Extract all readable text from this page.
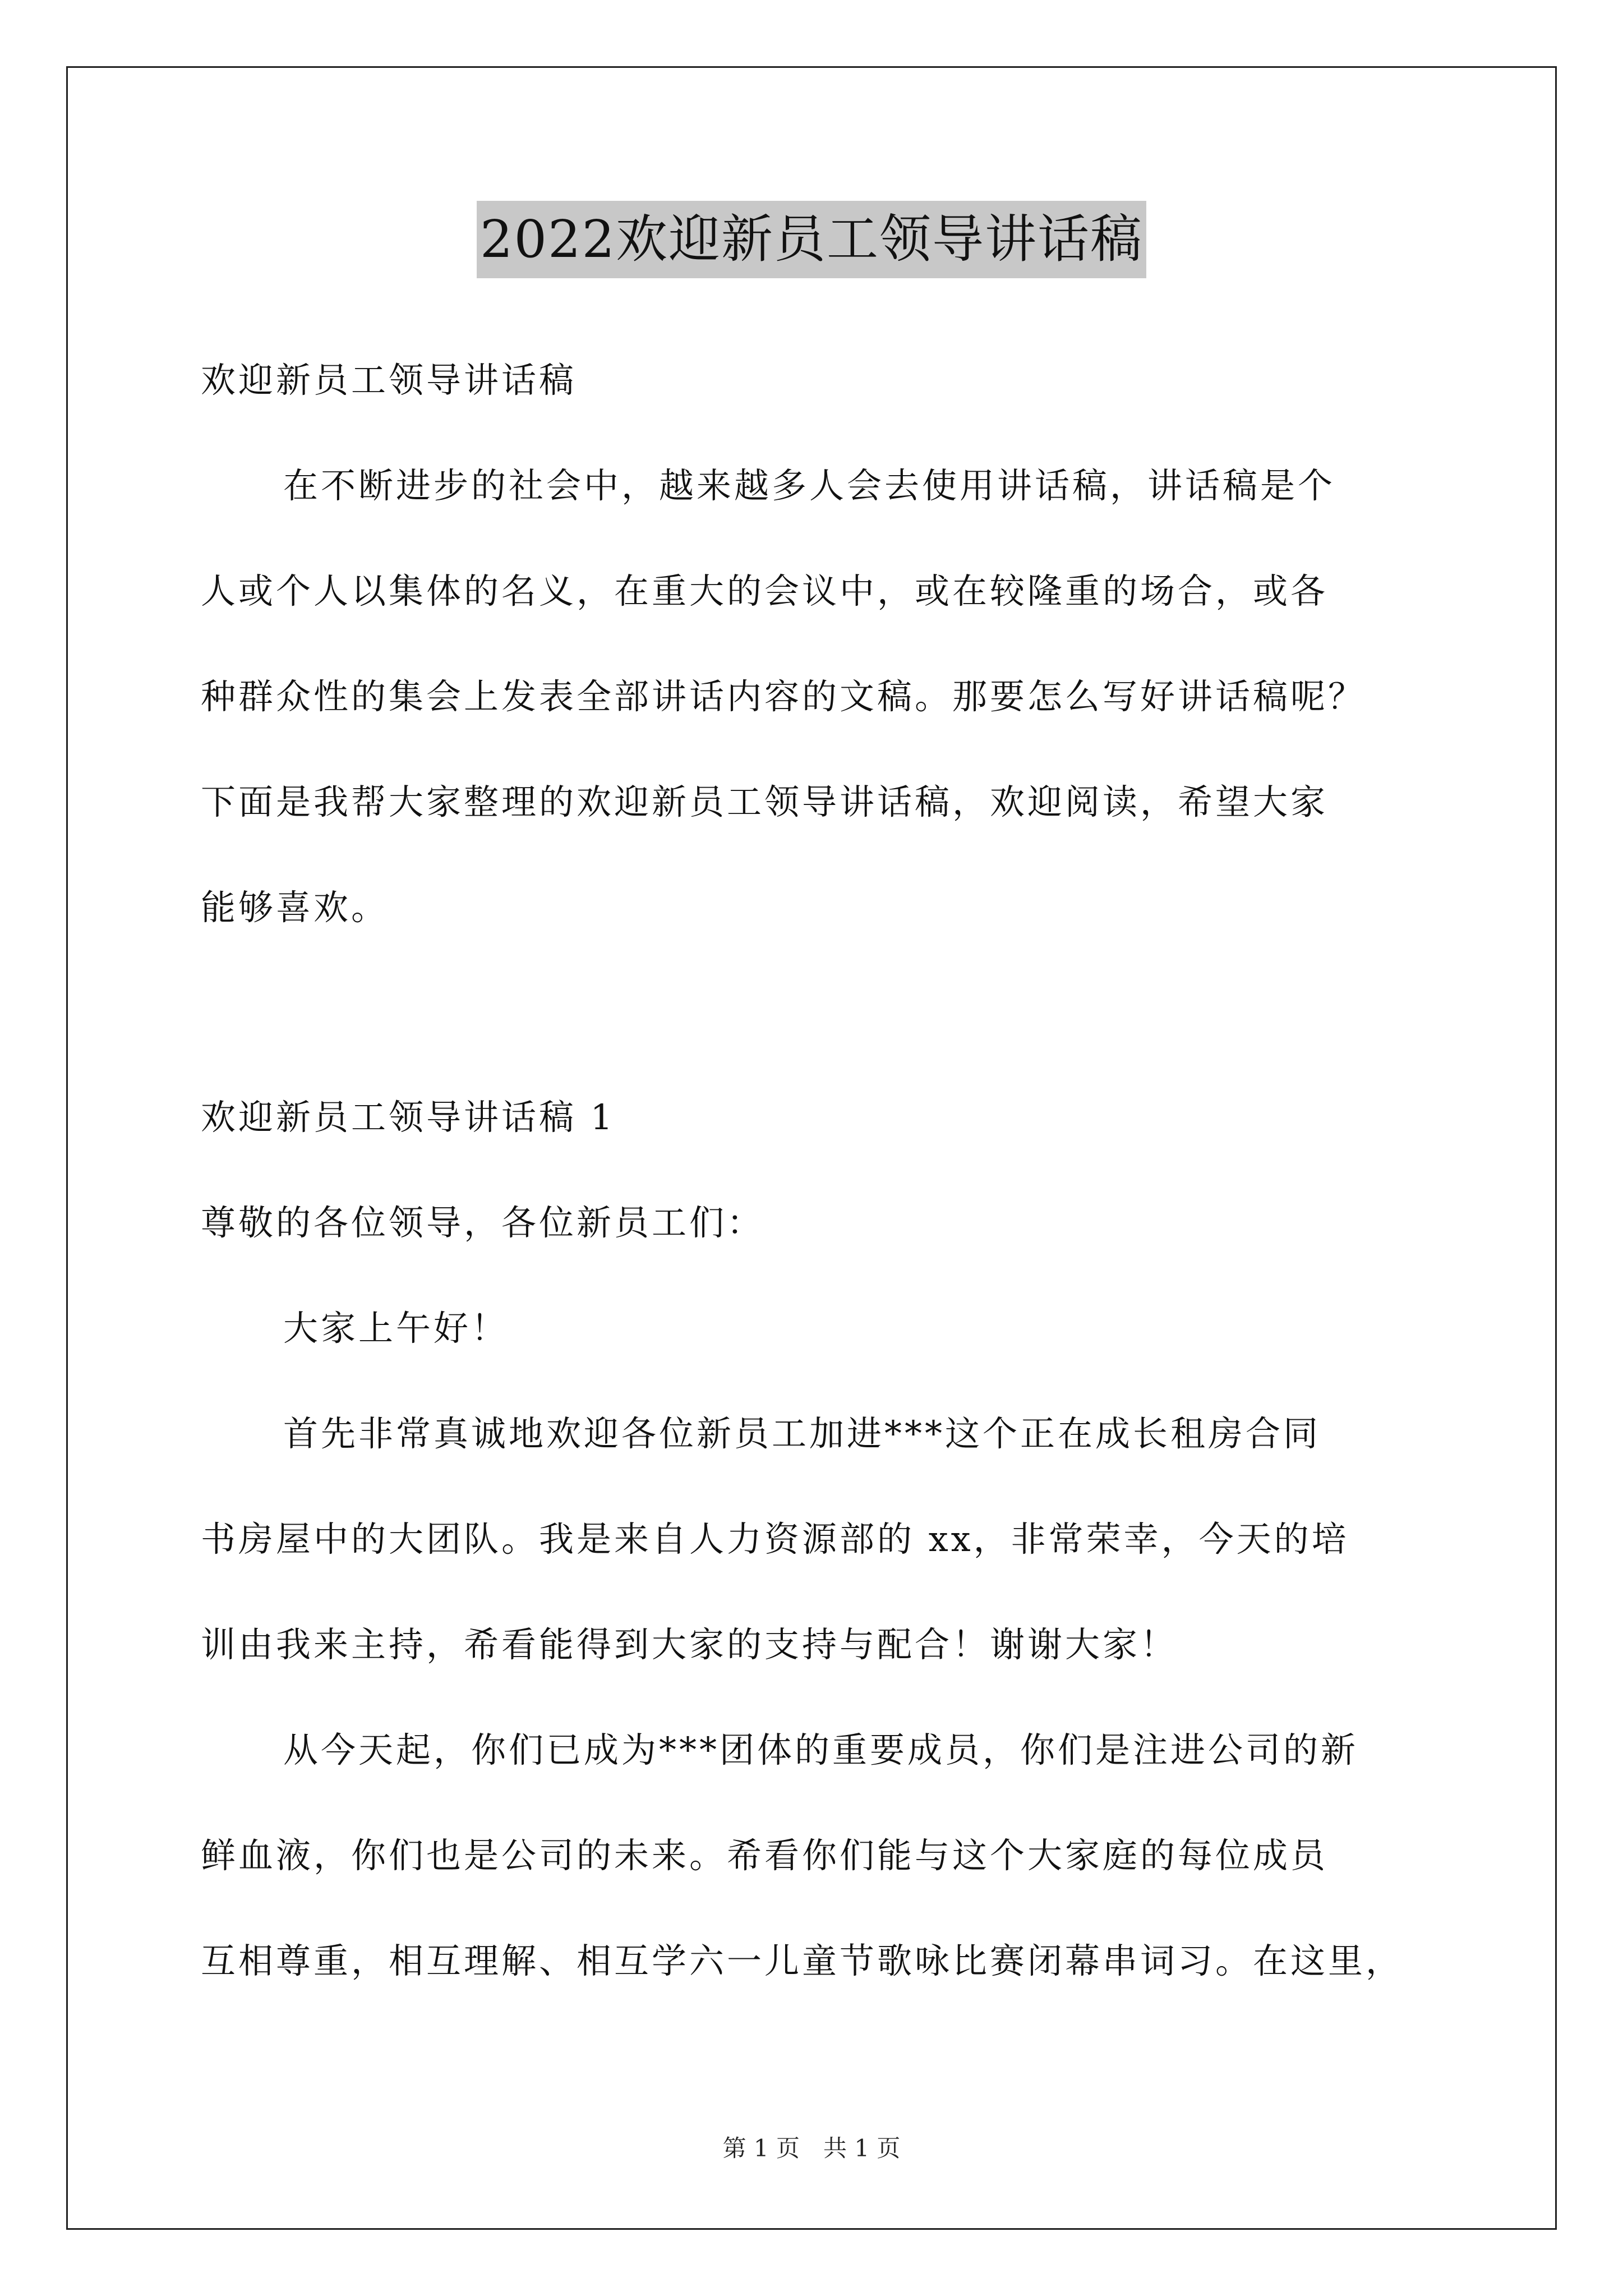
2022欢迎新员工领导讲话稿
欢迎新员工领导讲话稿
在不断进步的社会中，越来越多人会去使用讲话稿，讲话稿是个
人或个人以集体的名义，在重大的会议中，或在较隆重的场合，或各
种群众性的集会上发表全部讲话内容的文稿。那要怎么写好讲话稿呢？
下面是我帮大家整理的欢迎新员工领导讲话稿，欢迎阅读，希望大家
能够喜欢。
欢迎新员工领导讲话稿 1
尊敬的各位领导，各位新员工们：
大家上午好！
首先非常真诚地欢迎各位新员工加进***这个正在成长租房合同
书房屋中的大团队。我是来自人力资源部的 xx，非常荣幸，今天的培
训由我来主持，希看能得到大家的支持与配合！谢谢大家！
从今天起，你们已成为***团体的重要成员，你们是注进公司的新
鲜血液，你们也是公司的未来。希看你们能与这个大家庭的每位成员
互相尊重，相互理解、相互学六一儿童节歌咏比赛闭幕串词习。在这里，
第 1 页　共 1 页
